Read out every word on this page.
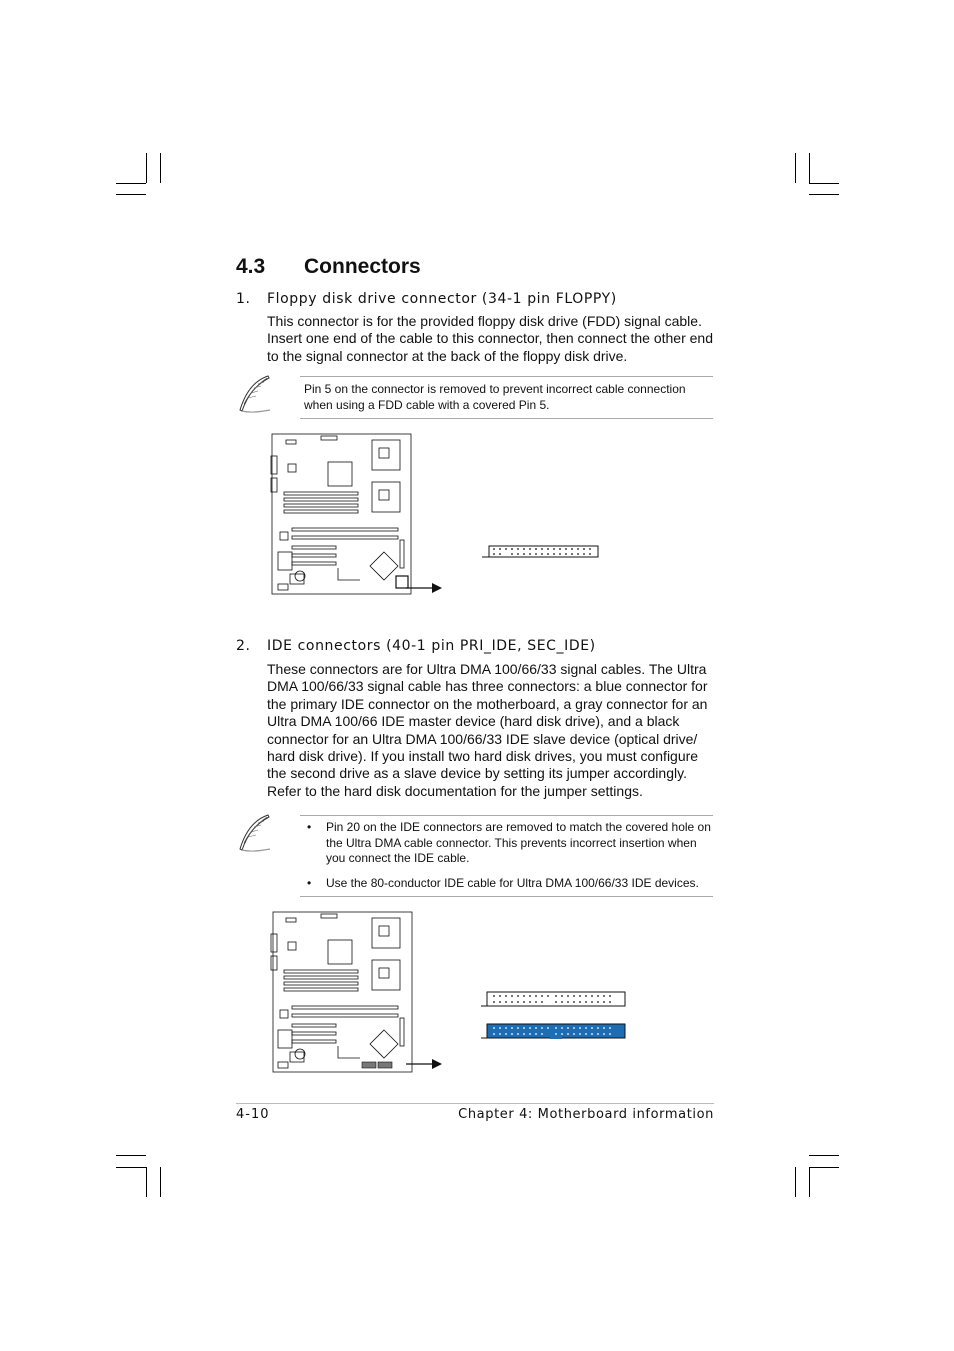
4.3 Connectors
1. Floppy disk drive connector (34-1 pin FLOPPY)

This connector is for the provided floppy disk drive (FDD) signal cable. Insert one end of the cable to this connector, then connect the other end to the signal connector at the back of the floppy disk drive.

Pin 5 on the connector is removed to prevent incorrect cable connection when using a FDD cable with a covered Pin 5.

2. IDE connectors (40-1 pin PRI_IDE, SEC_IDE)

These connectors are for Ultra DMA 100/66/33 signal cables. The Ultra DMA 100/66/33 signal cable has three connectors: a blue connector for the primary IDE connector on the motherboard, a gray connector for an Ultra DMA 100/66 IDE master device (hard disk drive), and a black connector for an Ultra DMA 100/66/33 IDE slave device (optical drive/ hard disk drive). If you install two hard disk drives, you must configure the second drive as a slave device by setting its jumper accordingly. Refer to the hard disk documentation for the jumper settings.

• Pin 20 on the IDE connectors are removed to match the covered hole on the Ultra DMA cable connector. This prevents incorrect insertion when you connect the IDE cable.
• Use the 80-conductor IDE cable for Ultra DMA 100/66/33 IDE devices.
4-10	Chapter 4: Motherboard information
